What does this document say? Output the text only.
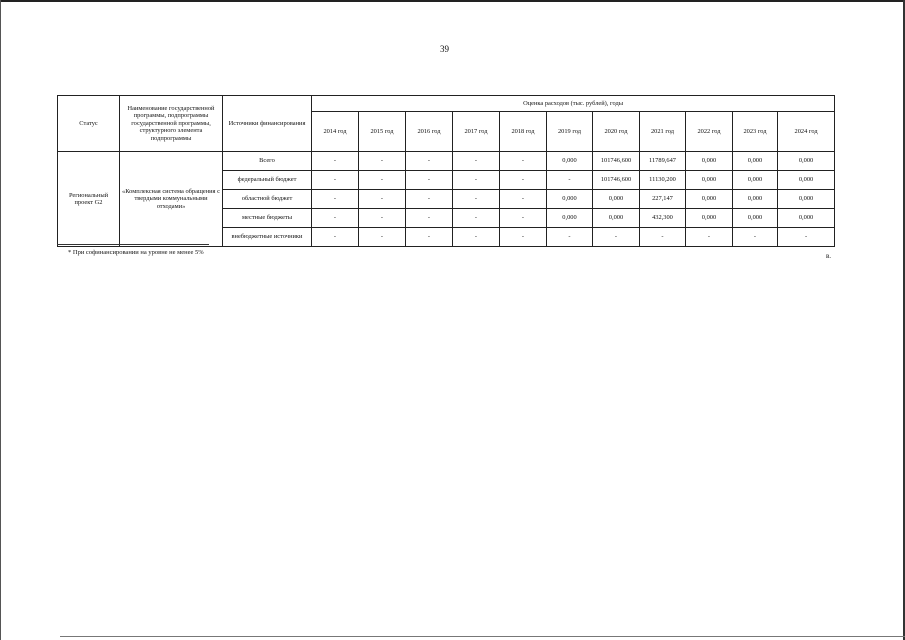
39
Статус	Наименование государственной программы, подпрограммы государственной программы, структурного элемента подпрограммы	Источники финансирования	Оценка расходов (тыс. рублей), годы										
			2014 год	2015 год	2016 год	2017 год	2018 год	2019 год	2020 год	2021 год	2022 год	2023 год	2024 год
Региональный проект G2	«Комплексная система обращения с твердыми коммунальными отходами»	Всего	-	-	-	-	-	0,000	101746,600	11789,647	0,000	0,000	0,000
		федеральный бюджет	-	-	-	-	-	-	101746,600	11130,200	0,000	0,000	0,000
		областной бюджет	-	-	-	-	-	0,000	0,000	227,147	0,000	0,000	0,000
		местные бюджеты	-	-	-	-	-	0,000	0,000	432,300	0,000	0,000	0,000
		внебюджетные источники	-	-	-	-	-	-	-	-	-	-	-
* При софинансировании на уровне не менее 5%	в.
